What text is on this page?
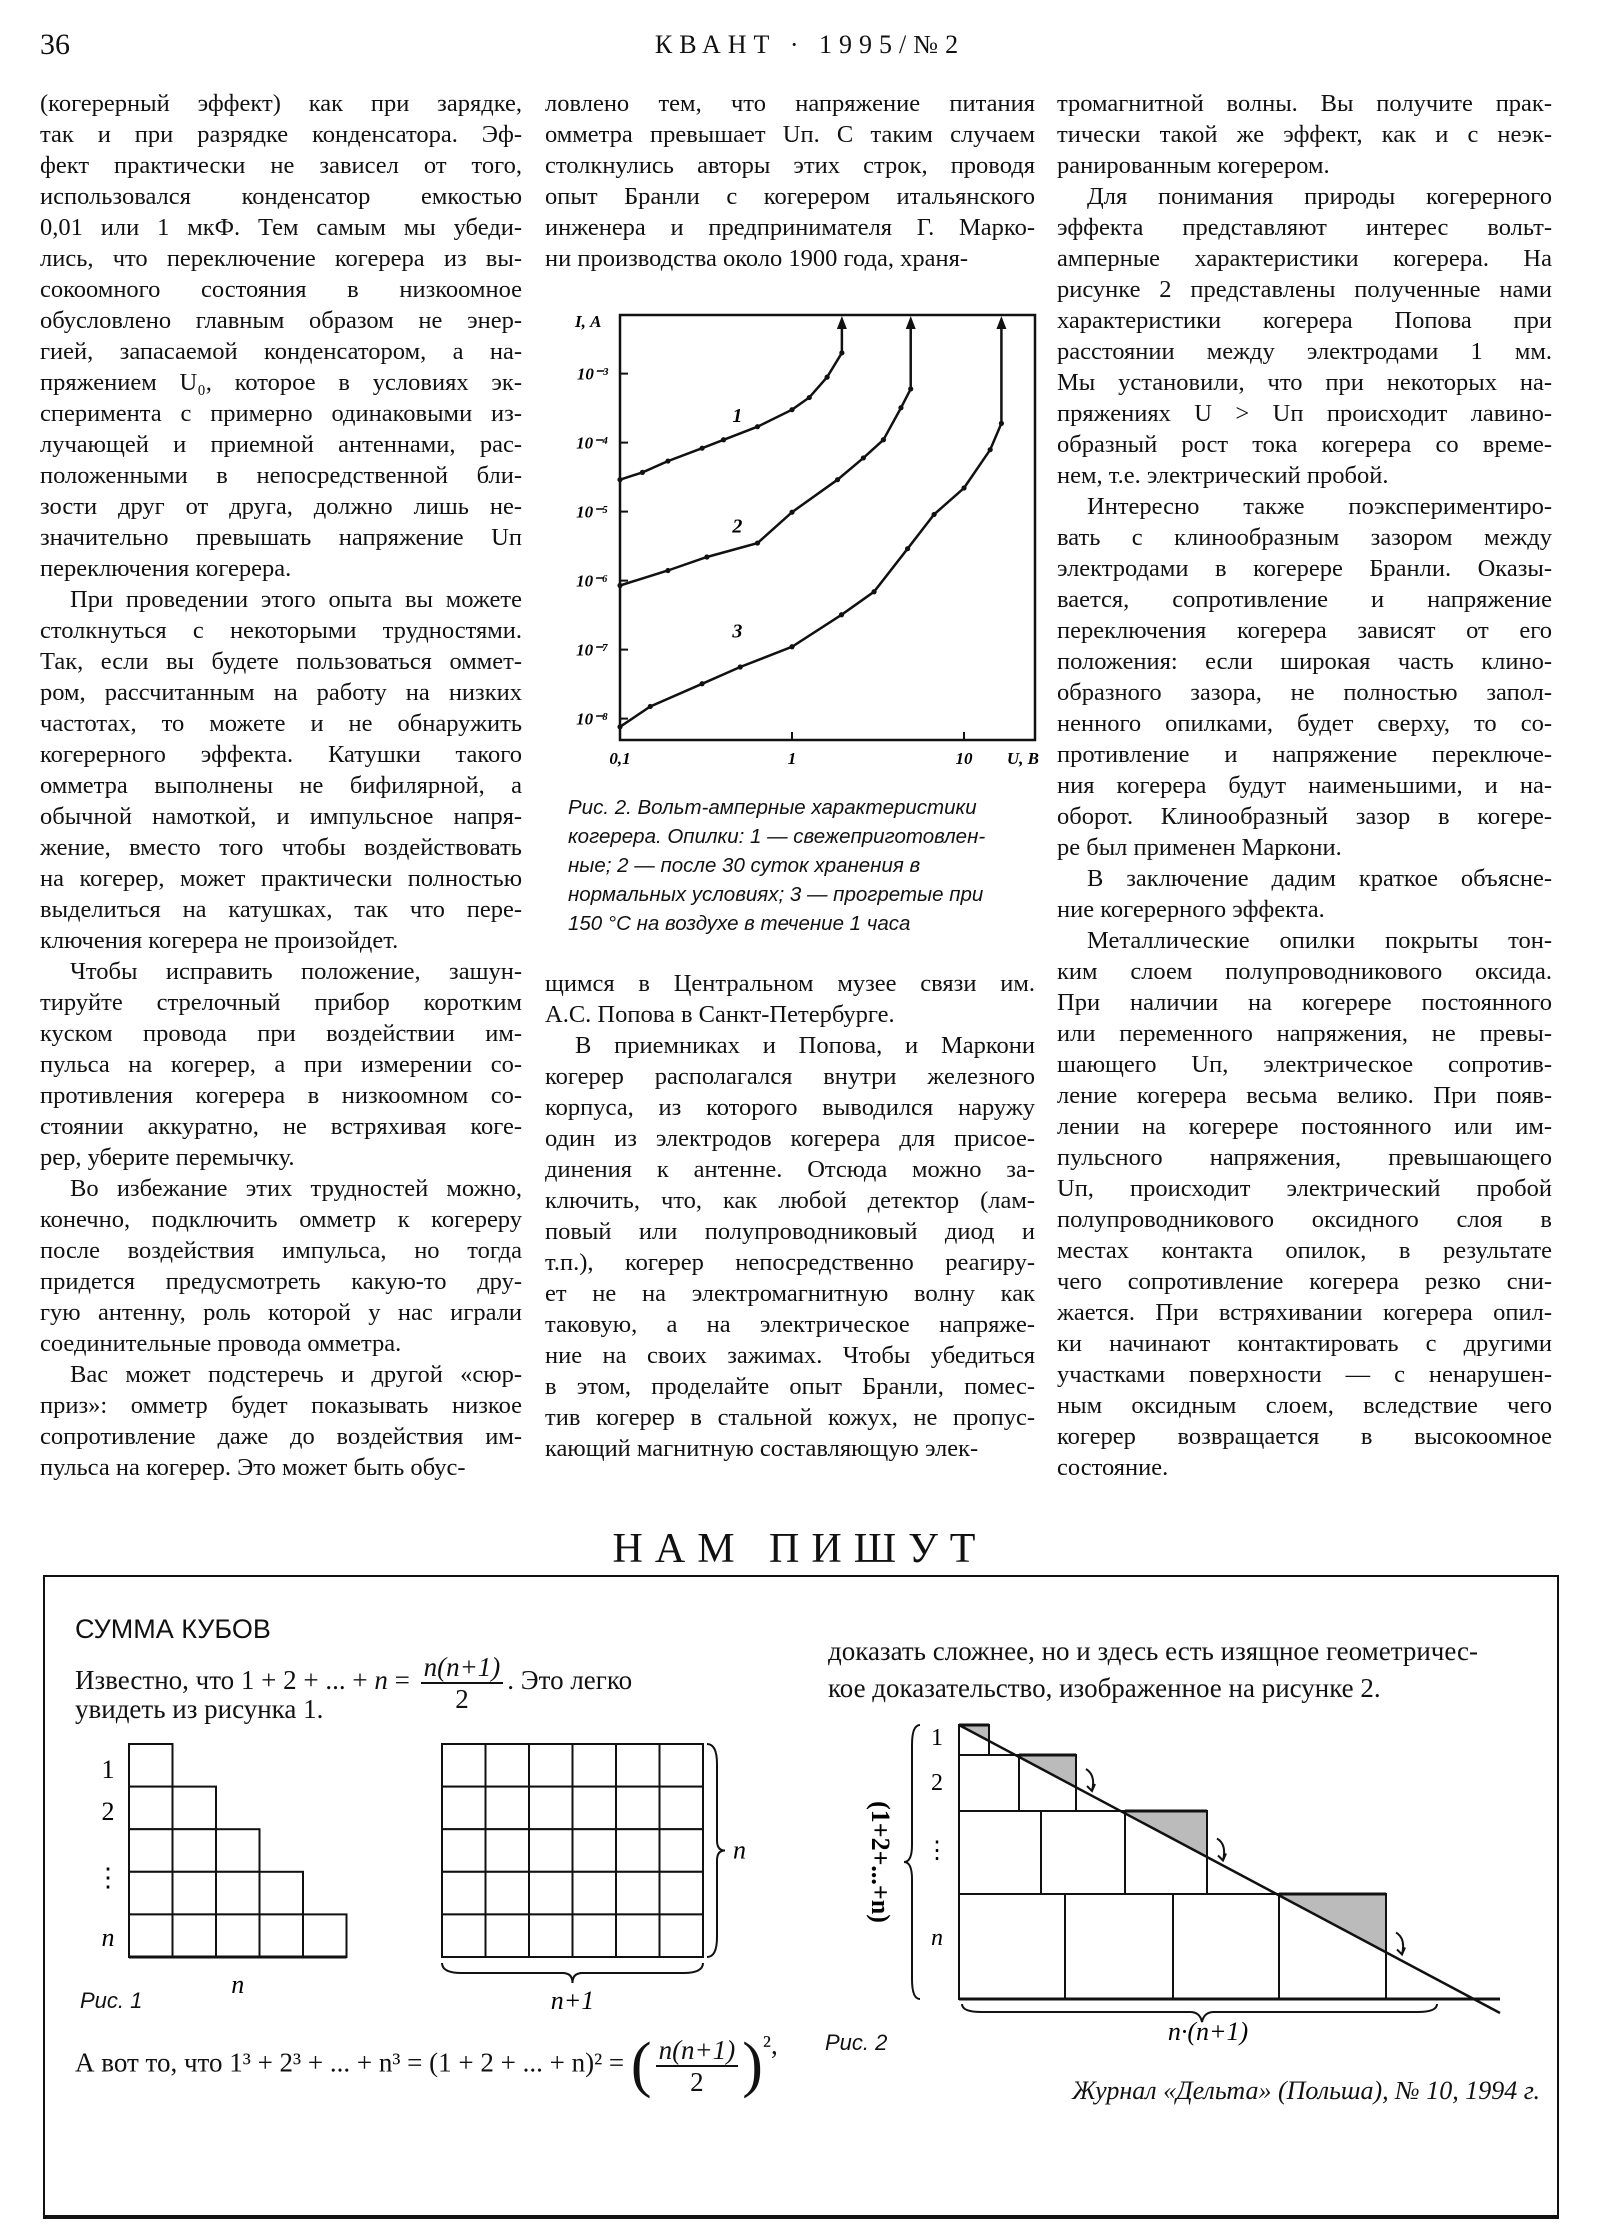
36	КВАНТ · 1995/№2
(когерерный эффект) как при зарядке,
так и при разрядке конденсатора. Эф-
фект практически не зависел от того,
использовался конденсатор емкостью
0,01 или 1 мкФ. Тем самым мы убеди-
лись, что переключение когерера из вы-
сокоомного состояния в низкоомное
обусловлено главным образом не энер-
гией, запасаемой конденсатором, а на-
пряжением U₀, которое в условиях эк-
сперимента с примерно одинаковыми из-
лучающей и приемной антеннами, рас-
положенными в непосредственной бли-
зости друг от друга, должно лишь не-
значительно превышать напряжение Uп
переключения когерера.
При проведении этого опыта вы можете
столкнуться с некоторыми трудностями.
Так, если вы будете пользоваться оммет-
ром, рассчитанным на работу на низких
частотах, то можете и не обнаружить
когерерного эффекта. Катушки такого
омметра выполнены не бифилярной, а
обычной намоткой, и импульсное напря-
жение, вместо того чтобы воздействовать
на когерер, может практически полностью
выделиться на катушках, так что пере-
ключения когерера не произойдет.
Чтобы исправить положение, зашун-
тируйте стрелочный прибор коротким
куском провода при воздействии им-
пульса на когерер, а при измерении со-
противления когерера в низкоомном со-
стоянии аккуратно, не встряхивая коге-
рер, уберите перемычку.
Во избежание этих трудностей можно,
конечно, подключить омметр к когереру
после воздействия импульса, но тогда
придется предусмотреть какую-то дру-
гую антенну, роль которой у нас играли
соединительные провода омметра.
Вас может подстеречь и другой «сюр-
приз»: омметр будет показывать низкое
сопротивление даже до воздействия им-
пульса на когерер. Это может быть обус-
ловлено тем, что напряжение питания
омметра превышает Uп. С таким случаем
столкнулись авторы этих строк, проводя
опыт Бранли с когерером итальянского
инженера и предпринимателя Г. Марко-
ни производства около 1900 года, храня-
щимся в Центральном музее связи им.
А.С. Попова в Санкт-Петербурге.
В приемниках и Попова, и Маркони
когерер располагался внутри железного
корпуса, из которого выводился наружу
один из электродов когерера для присое-
динения к антенне. Отсюда можно за-
ключить, что, как любой детектор (лам-
повый или полупроводниковый диод и
т.п.), когерер непосредственно реагиру-
ет не на электромагнитную волну как
таковую, а на электрическое напряже-
ние на своих зажимах. Чтобы убедиться
в этом, проделайте опыт Бранли, помес-
тив когерер в стальной кожух, не пропус-
кающий магнитную составляющую элек-
тромагнитной волны. Вы получите прак-
тически такой же эффект, как и с неэк-
ранированным когерером.
Для понимания природы когерерного
эффекта представляют интерес вольт-
амперные характеристики когерера. На
рисунке 2 представлены полученные нами
характеристики когерера Попова при
расстоянии между электродами 1 мм.
Мы установили, что при некоторых на-
пряжениях U > Uп происходит лавино-
образный рост тока когерера со време-
нем, т.е. электрический пробой.
Интересно также поэкспериментиро-
вать с клинообразным зазором между
электродами в когерере Бранли. Оказы-
вается, сопротивление и напряжение
переключения когерера зависят от его
положения: если широкая часть клино-
образного зазора, не полностью запол-
ненного опилками, будет сверху, то со-
противление и напряжение переключе-
ния когерера будут наименьшими, и на-
оборот. Клинообразный зазор в когере-
ре был применен Маркони.
В заключение дадим краткое объясне-
ние когерерного эффекта.
Металлические опилки покрыты тон-
ким слоем полупроводникового оксида.
При наличии на когерере постоянного
или переменного напряжения, не превы-
шающего Uп, электрическое сопротив-
ление когерера весьма велико. При появ-
лении на когерере постоянного или им-
пульсного напряжения, превышающего
Uп, происходит электрический пробой
полупроводникового оксидного слоя в
местах контакта опилок, в результате
чего сопротивление когерера резко сни-
жается. При встряхивании когерера опил-
ки начинают контактировать с другими
участками поверхности — с ненарушен-
ным оксидным слоем, вследствие чего
когерер возвращается в высокоомное
состояние.
10⁻³
10⁻⁴
10⁻⁵
10⁻⁶
10⁻⁷
10⁻⁸
0,1	1	10 U, В
I, А
1
2
3
Рис. 2. Вольт-амперные характеристики
когерера. Опилки: 1 — свежеприготовлен-
ные; 2 — после 30 суток хранения в
нормальных условиях; 3 — прогретые при
150 °С на воздухе в течение 1 часа
НАМ ПИШУТ
СУММА КУБОВ
Известно, что 1 + 2 + ... + $n = \frac{n(n+1)}{2}$ . Это легко
увидеть из рисунка 1.
доказать сложнее, но и здесь есть изящное геометричес-
кое доказательство, изображенное на рисунке 2.
1
2
⋮
n
n
n
n+1
Рис. 1
А вот то, что 1³ + 2³ + ... + n³ = (1 + 2 + ... + n)² = ( $\frac{n(n+1)}{2} )^2$,
1
2
⋮
n
(1+2+...+n)
n·(n+1)
Рис. 2
Журнал «Дельта» (Польша), № 10, 1994 г.
